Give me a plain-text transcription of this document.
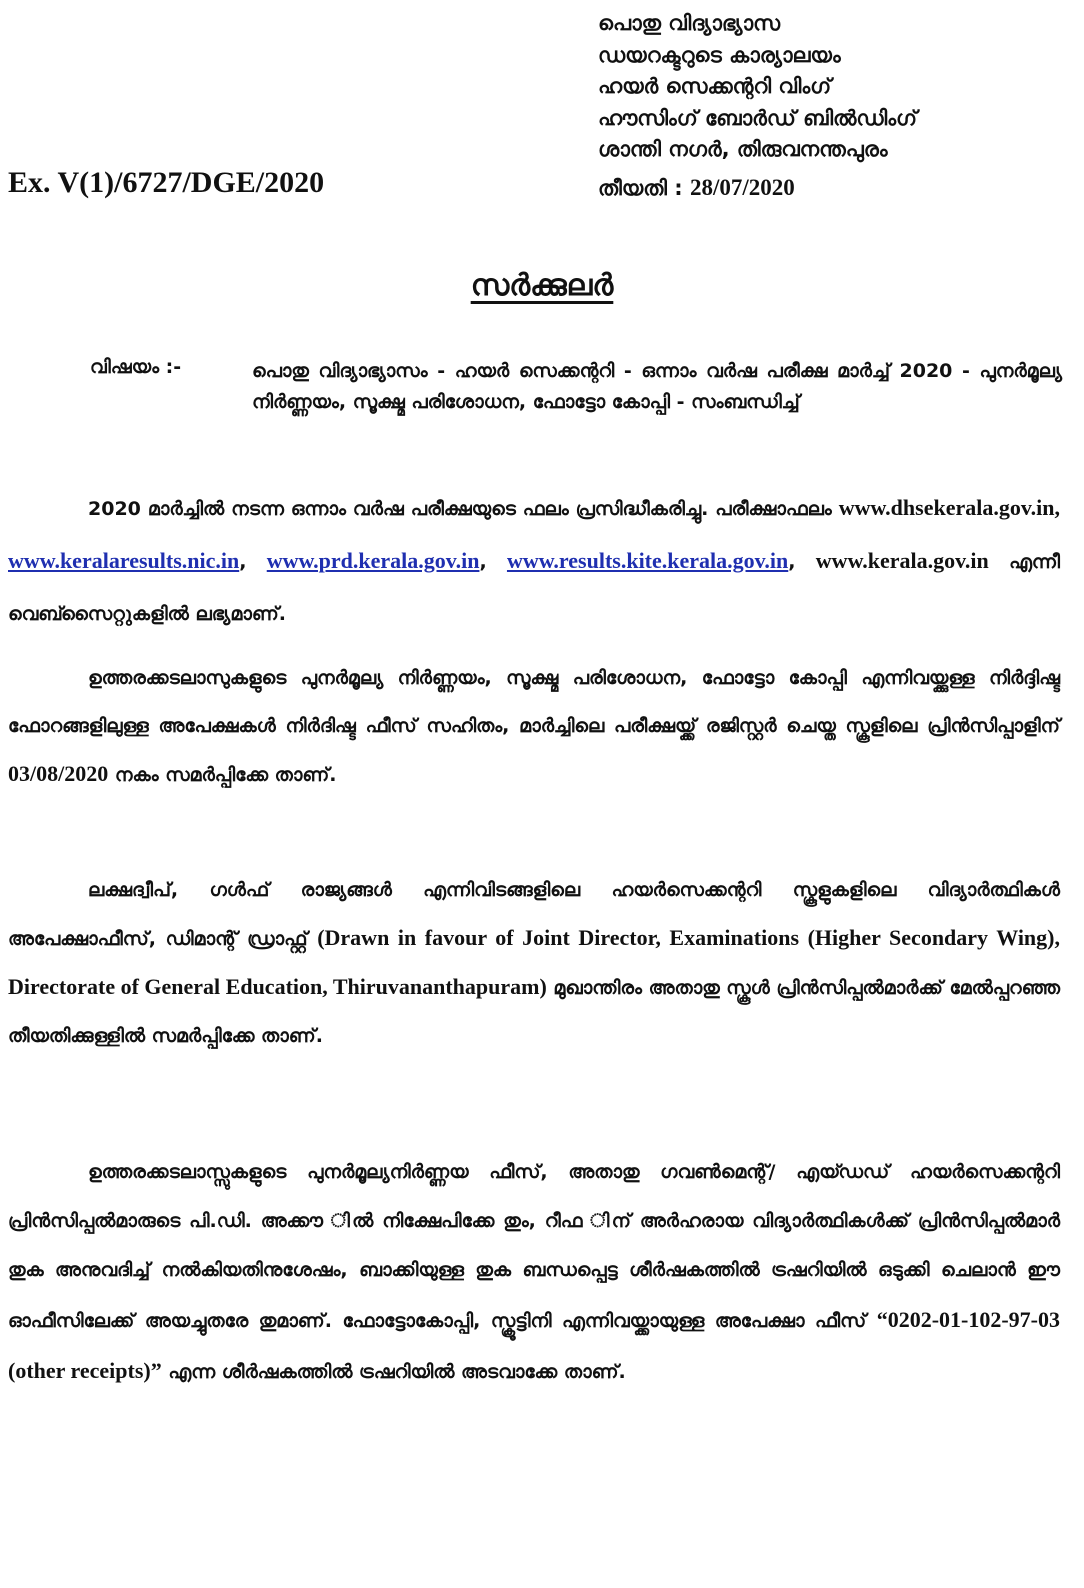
പൊതു വിദ്യാഭ്യാസ
ഡയറക്ടറുടെ കാര്യാലയം
ഹയർ സെക്കന്ററി വിംഗ്
ഹൗസിംഗ് ബോർഡ് ബിൽഡിംഗ്
ശാന്തി നഗർ, തിരുവനന്തപുരം
തീയതി : 28/07/2020
Ex. V(1)/6727/DGE/2020
സർക്കുലർ
വിഷയം :-	പൊതു വിദ്യാഭ്യാസം - ഹയർ സെക്കന്ററി - ഒന്നാം വർഷ പരീക്ഷ മാർച്ച് 2020 - പുനർമൂല്യ നിർണ്ണയം, സൂക്ഷ്മ പരിശോധന, ഫോട്ടോ കോപ്പി - സംബന്ധിച്ച്
2020 മാർച്ചിൽ നടന്ന ഒന്നാം വർഷ പരീക്ഷയുടെ ഫലം പ്രസിദ്ധീകരിച്ചു. പരീക്ഷാഫലം www.dhsekerala.gov.in, www.keralaresults.nic.in, www.prd.kerala.gov.in, www.results.kite.kerala.gov.in, www.kerala.gov.in എന്നീ വെബ്സൈറ്റുകളിൽ ലഭ്യമാണ്.
ഉത്തരക്കടലാസുകളുടെ പുനർമൂല്യ നിർണ്ണയം, സൂക്ഷ്മ പരിശോധന, ഫോട്ടോ കോപ്പി എന്നിവയ്ക്കുള്ള നിർദ്ദിഷ്ട ഫോറങ്ങളിലുള്ള അപേക്ഷകൾ നിർദിഷ്ട ഫീസ് സഹിതം, മാർച്ചിലെ പരീക്ഷയ്ക്ക് രജിസ്റ്റർ ചെയ്ത സ്കൂളിലെ പ്രിൻസിപ്പാളിന് 03/08/2020 നകം സമർപ്പിക്കേ താണ്.
ലക്ഷദ്വീപ്, ഗൾഫ് രാജ്യങ്ങൾ എന്നിവിടങ്ങളിലെ ഹയർസെക്കന്ററി സ്കൂളുകളിലെ വിദ്യാർത്ഥികൾ അപേക്ഷാഫീസ്, ഡിമാന്റ് ഡ്രാഫ്റ്റ് (Drawn in favour of Joint Director, Examinations (Higher Secondary Wing), Directorate of General Education, Thiruvananthapuram) മുഖാന്തിരം അതാതു സ്കൂൾ പ്രിൻസിപ്പൽമാർക്ക് മേൽപ്പറഞ്ഞ തീയതിക്കുള്ളിൽ സമർപ്പിക്കേ താണ്.
ഉത്തരക്കടലാസ്സുകളുടെ പുനർമൂല്യനിർണ്ണയ ഫീസ്, അതാതു ഗവൺമെന്റ്/ എയ്ഡഡ് ഹയർസെക്കന്ററി പ്രിൻസിപ്പൽമാരുടെ പി.ഡി. അക്കൗ ിൽ നിക്ഷേപിക്കേ തും, റീഫ ിന് അർഹരായ വിദ്യാർത്ഥികൾക്ക് പ്രിൻസിപ്പൽമാർ തുക അനുവദിച്ച് നൽകിയതിനുശേഷം, ബാക്കിയുള്ള തുക ബന്ധപ്പെട്ട ശീർഷകത്തിൽ ട്രഷറിയിൽ ഒടുക്കി ചെലാൻ ഈ ഓഫീസിലേക്ക് അയച്ചുതരേ തുമാണ്. ഫോട്ടോകോപ്പി, സ്ക്രൂട്ടിനി എന്നിവയ്ക്കായുള്ള അപേക്ഷാ ഫീസ് “0202-01-102-97-03 (other receipts)” എന്ന ശീർഷകത്തിൽ ട്രഷറിയിൽ അടവാക്കേ താണ്.
